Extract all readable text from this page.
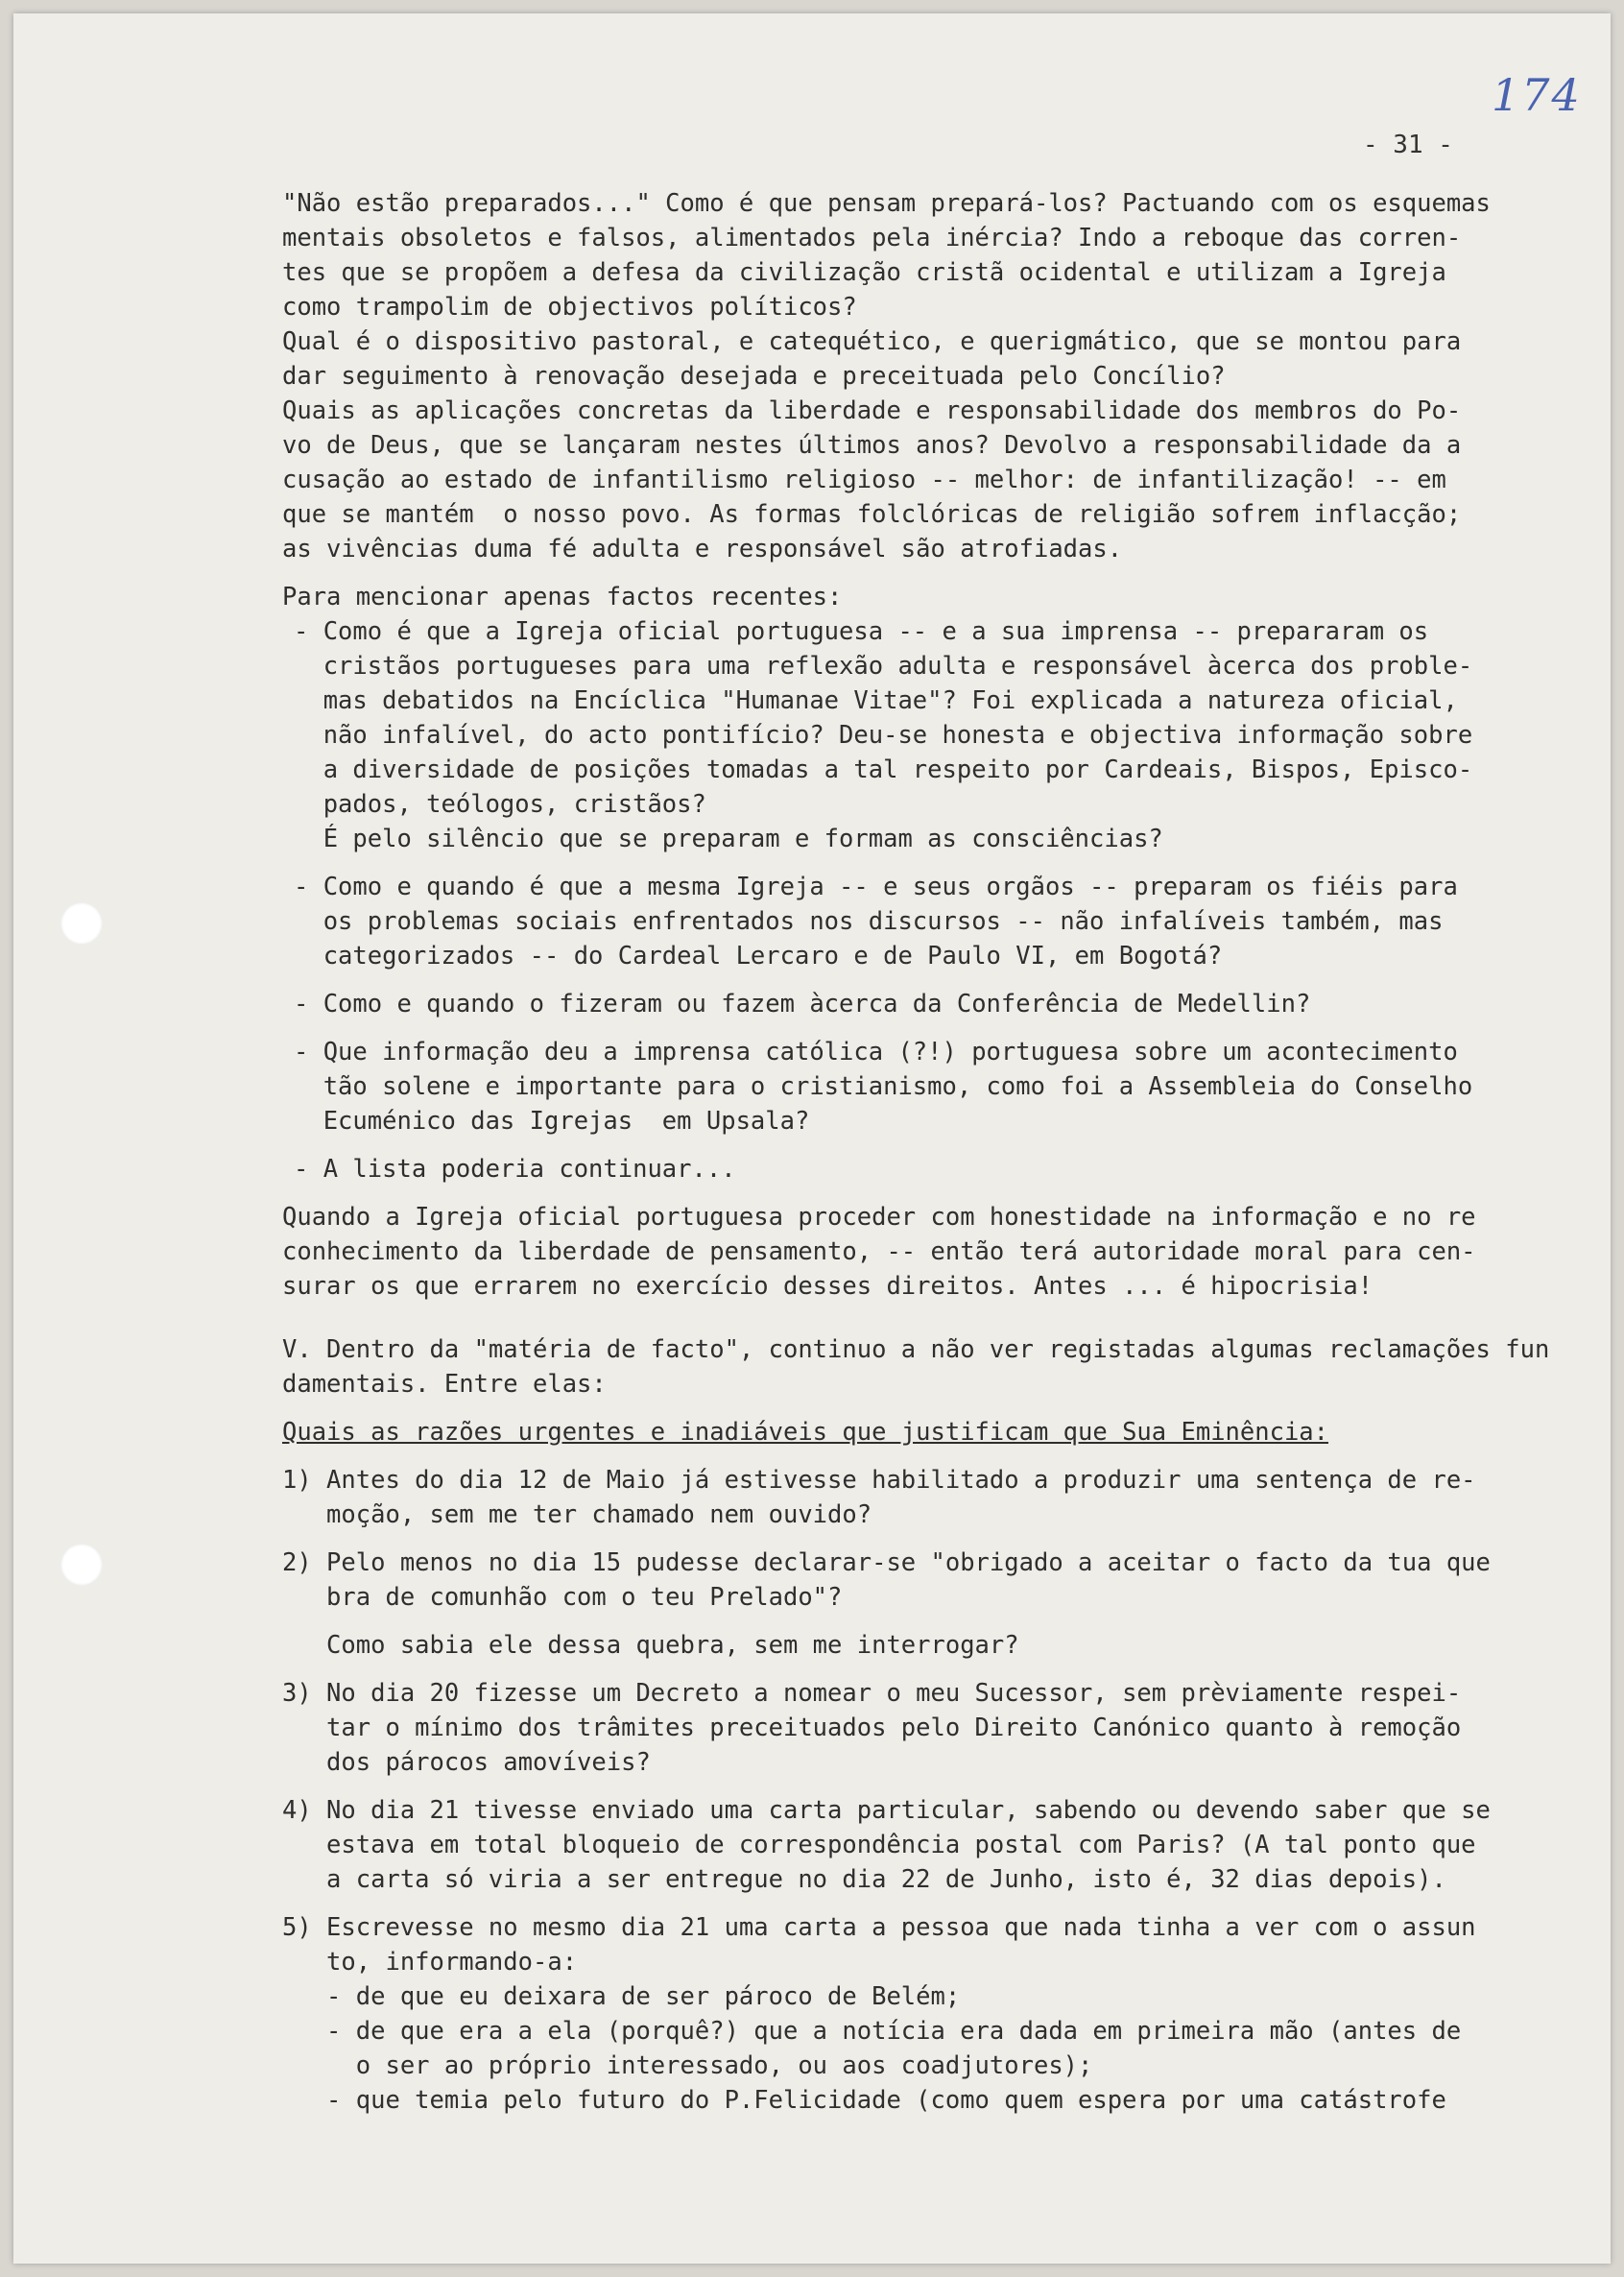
174
- 31 -

"Não estão preparados..." Como é que pensam prepará-los? Pactuando com os esquemas

mentais obsoletos e falsos, alimentados pela inércia? Indo a reboque das corren-

tes que se propõem a defesa da civilização cristã ocidental e utilizam a Igreja

como trampolim de objectivos políticos?

Qual é o dispositivo pastoral, e catequético, e querigmático, que se montou para

dar seguimento à renovação desejada e preceituada pelo Concílio?

Quais as aplicações concretas da liberdade e responsabilidade dos membros do Po-

vo de Deus, que se lançaram nestes últimos anos? Devolvo a responsabilidade da a

cusação ao estado de infantilismo religioso -- melhor: de infantilização! -- em

que se mantém  o nosso povo. As formas folclóricas de religião sofrem inflacção;

as vivências duma fé adulta e responsável são atrofiadas.

Para mencionar apenas factos recentes:

- Como é que a Igreja oficial portuguesa -- e a sua imprensa -- prepararam os

cristãos portugueses para uma reflexão adulta e responsável àcerca dos proble-

mas debatidos na Encíclica "Humanae Vitae"? Foi explicada a natureza oficial,

não infalível, do acto pontifício? Deu-se honesta e objectiva informação sobre

a diversidade de posições tomadas a tal respeito por Cardeais, Bispos, Episco-

pados, teólogos, cristãos?

É pelo silêncio que se preparam e formam as consciências?

- Como e quando é que a mesma Igreja -- e seus orgãos -- preparam os fiéis para

os problemas sociais enfrentados nos discursos -- não infalíveis também, mas

categorizados -- do Cardeal Lercaro e de Paulo VI, em Bogotá?

- Como e quando o fizeram ou fazem àcerca da Conferência de Medellin?

- Que informação deu a imprensa católica (?!) portuguesa sobre um acontecimento

tão solene e importante para o cristianismo, como foi a Assembleia do Conselho

Ecuménico das Igrejas  em Upsala?

- A lista poderia continuar...

Quando a Igreja oficial portuguesa proceder com honestidade na informação e no re

conhecimento da liberdade de pensamento, -- então terá autoridade moral para cen-

surar os que errarem no exercício desses direitos. Antes ... é hipocrisia!

V. Dentro da "matéria de facto", continuo a não ver registadas algumas reclamações fun

damentais. Entre elas:

Quais as razões urgentes e inadiáveis que justificam que Sua Eminência:

1) Antes do dia 12 de Maio já estivesse habilitado a produzir uma sentença de re-

moção, sem me ter chamado nem ouvido?

2) Pelo menos no dia 15 pudesse declarar-se "obrigado a aceitar o facto da tua que

bra de comunhão com o teu Prelado"?

Como sabia ele dessa quebra, sem me interrogar?

3) No dia 20 fizesse um Decreto a nomear o meu Sucessor, sem prèviamente respei-

tar o mínimo dos trâmites preceituados pelo Direito Canónico quanto à remoção

dos párocos amovíveis?

4) No dia 21 tivesse enviado uma carta particular, sabendo ou devendo saber que se

estava em total bloqueio de correspondência postal com Paris? (A tal ponto que

a carta só viria a ser entregue no dia 22 de Junho, isto é, 32 dias depois).

5) Escrevesse no mesmo dia 21 uma carta a pessoa que nada tinha a ver com o assun

to, informando-a:

- de que eu deixara de ser pároco de Belém;

- de que era a ela (porquê?) que a notícia era dada em primeira mão (antes de

o ser ao próprio interessado, ou aos coadjutores);

- que temia pelo futuro do P.Felicidade (como quem espera por uma catástrofe
